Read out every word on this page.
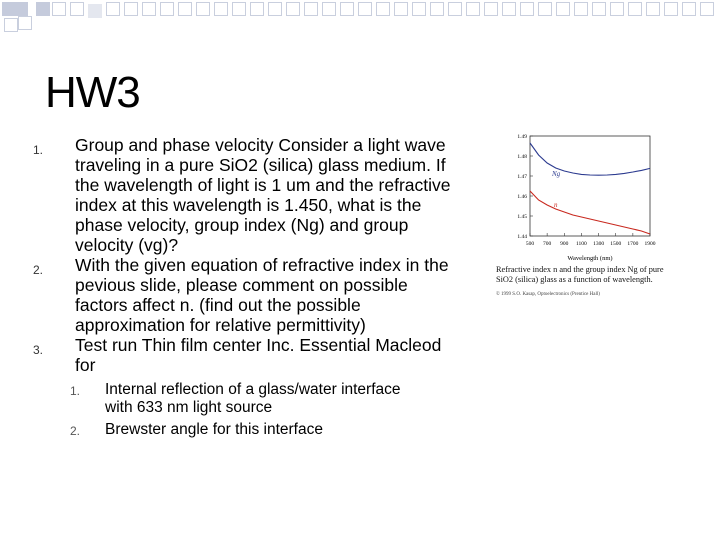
HW3
1. Group and phase velocity Consider a light wave traveling in a pure SiO2 (silica) glass medium. If the wavelength of light is 1 um and the refractive index at this wavelength is 1.450, what is the phase velocity, group index (Ng) and group velocity (vg)?
2. With the given equation of refractive index in the pevious slide, please comment on possible factors affect n. (find out the possible approximation for relative permittivity)
3. Test run Thin film center Inc. Essential Macleod for
1. Internal reflection of a glass/water interface with 633 nm light source
2. Brewster angle for this interface
1.44
1.45
1.46
1.47
1.48
1.49
500 700 900 1100 1300 1500 1700 1900
Ng
n
Wavelength (nm)
Refractive index n and the group index Ng of pure SiO2 (silica) glass as a function of wavelength.
© 1999 S.O. Kasap, Optoelectronics (Prentice Hall)
